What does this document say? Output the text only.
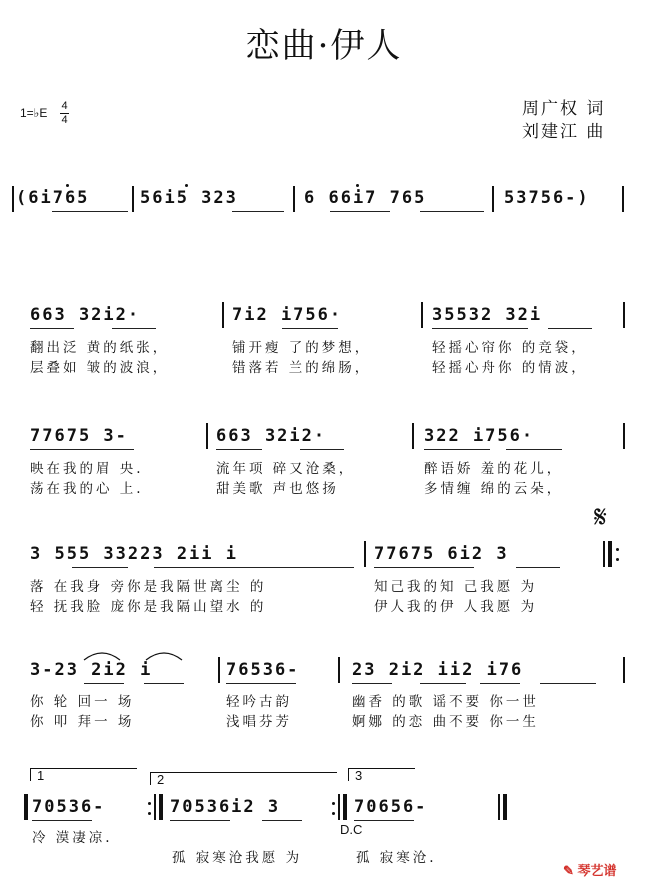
恋曲·伊人
1=♭E 4
4
周广权 词
刘建江 曲
(6i765	56i5 323	6 66i7 765	53756-)
663 32i2·	7i2 i756·	35532 32i
翻出泛 黄的纸张，	铺开瘦 了的梦想，	轻摇心帘你 的竞袋，
层叠如 皱的波浪，	错落若 兰的绵肠，	轻摇心舟你 的情波，
77675 3-	663 32i2·	322 i756·
映在我的眉 央.	流年项 碎又沧桑，	醉语娇 羞的花儿，
荡在我的心 上.	甜美歌 声也悠扬	多情缠 绵的云朵，
𝄋
3 555 33223 2ii i	77675 6i2 3
落 在我身 旁你是我隔世离尘 的	知己我的知 己我愿 为
轻 抚我脸 庞你是我隔山望水 的	伊人我的伊 人我愿 为
3-23 2i2 i	76536-	23 2i2 ii2 i76
你 轮 回一 场	轻吟古韵	幽香 的歌 谣不要 你一世
你 叩 拜一 场	浅唱芬芳	婀娜 的恋 曲不要 你一生
1	2	3
70536-	70536i2 3	70656-
D.C
冷 漠凄凉.
孤 寂寒沧我愿 为	孤 寂寒沧.
✎ 琴艺谱
